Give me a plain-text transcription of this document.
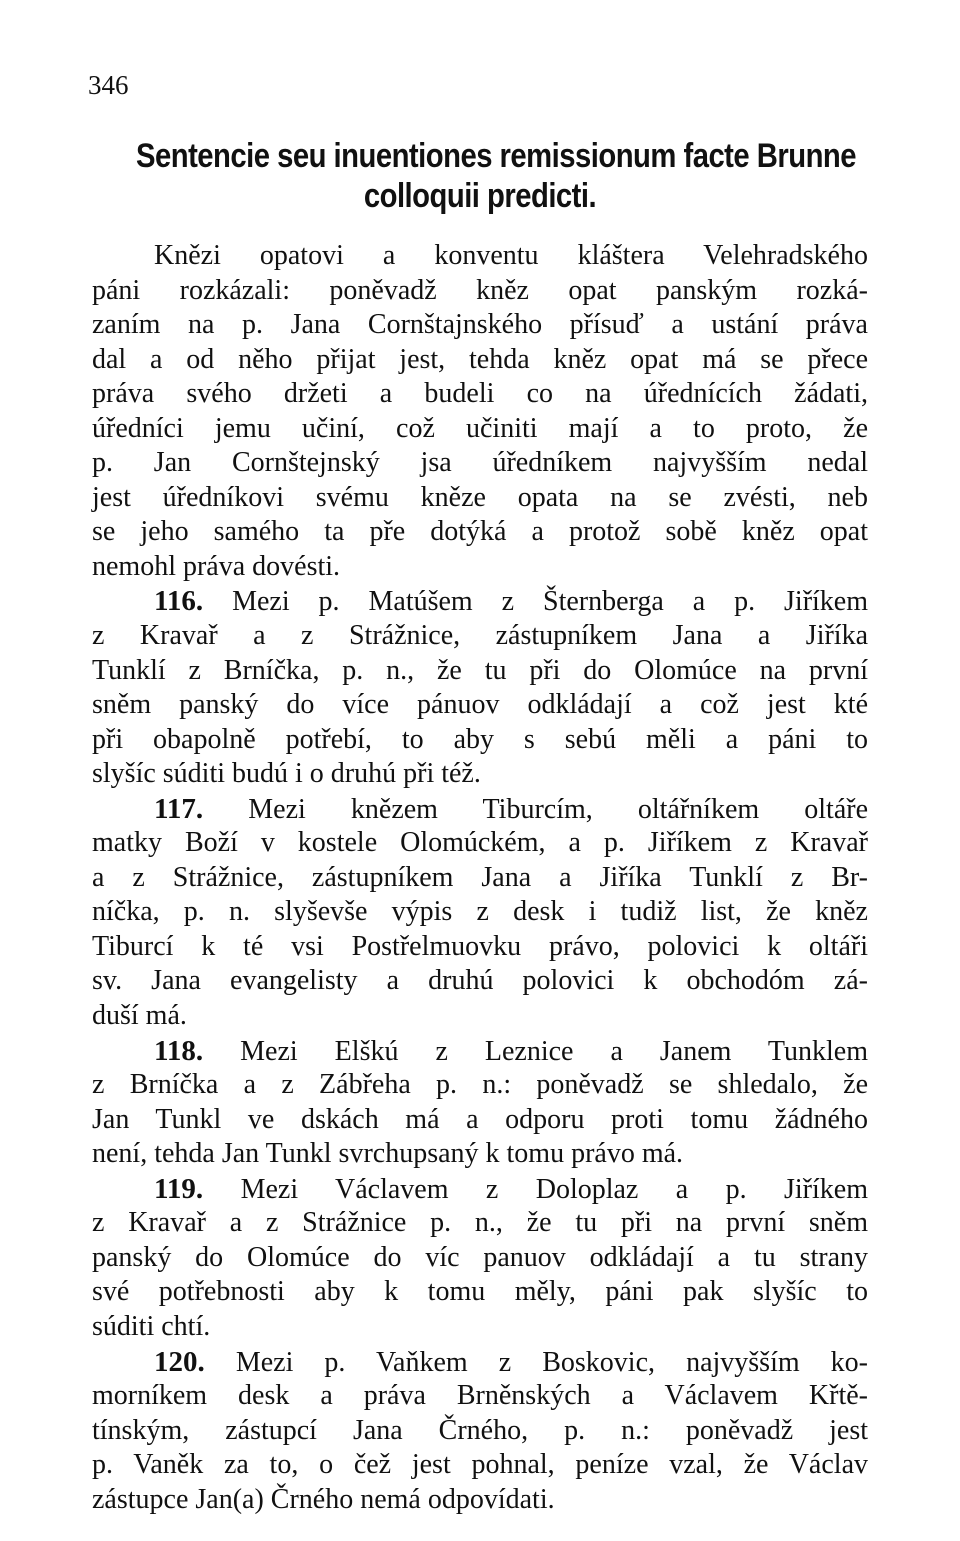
346
Sentencie seu inuentiones remissionum facte Brunne
colloquii predicti.
Knězi opatovi a konventu kláštera Velehradského
páni rozkázali: poněvadž kněz opat panským rozká-
zaním na p. Jana Cornštajnského přísuď a ustání práva
dal a od něho přijat jest, tehda kněz opat má se přece
práva svého držeti a budeli co na úřednících žádati,
úředníci jemu učiní, což učiniti mají a to proto, že
p. Jan Cornštejnský jsa úředníkem najvyšším nedal
jest úředníkovi svému kněze opata na se zvésti, neb
se jeho samého ta pře dotýká a protož sobě kněz opat
nemohl práva dovésti.
116. Mezi p. Matúšem z Šternberga a p. Jiříkem
z Kravař a z Strážnice, zástupníkem Jana a Jiříka
Tunklí z Brníčka, p. n., že tu při do Olomúce na první
sněm panský do více pánuov odkládají a což jest kté
při obapolně potřebí, to aby s sebú měli a páni to
slyšíc súditi budú i o druhú při též.
117. Mezi knězem Tiburcím, oltářníkem oltáře
matky Boží v kostele Olomúckém, a p. Jiříkem z Kravař
a z Strážnice, zástupníkem Jana a Jiříka Tunklí z Br-
níčka, p. n. slyševše výpis z desk i tudiž list, že kněz
Tiburcí k té vsi Postřelmuovku právo, polovici k oltáři
sv. Jana evangelisty a druhú polovici k obchodóm zá-
duší má.
118. Mezi Elškú z Leznice a Janem Tunklem
z Brníčka a z Zábřeha p. n.: poněvadž se shledalo, že
Jan Tunkl ve dskách má a odporu proti tomu žádného
není, tehda Jan Tunkl svrchupsaný k tomu právo má.
119. Mezi Václavem z Doloplaz a p. Jiříkem
z Kravař a z Strážnice p. n., že tu při na první sněm
panský do Olomúce do víc panuov odkládají a tu strany
své potřebnosti aby k tomu měly, páni pak slyšíc to
súditi chtí.
120. Mezi p. Vaňkem z Boskovic, najvyšším ko-
morníkem desk a práva Brněnských a Václavem Křtě-
tínským, zástupcí Jana Črného, p. n.: poněvadž jest
p. Vaněk za to, o čež jest pohnal, peníze vzal, že Václav
zástupce Jan(a) Črného nemá odpovídati.
